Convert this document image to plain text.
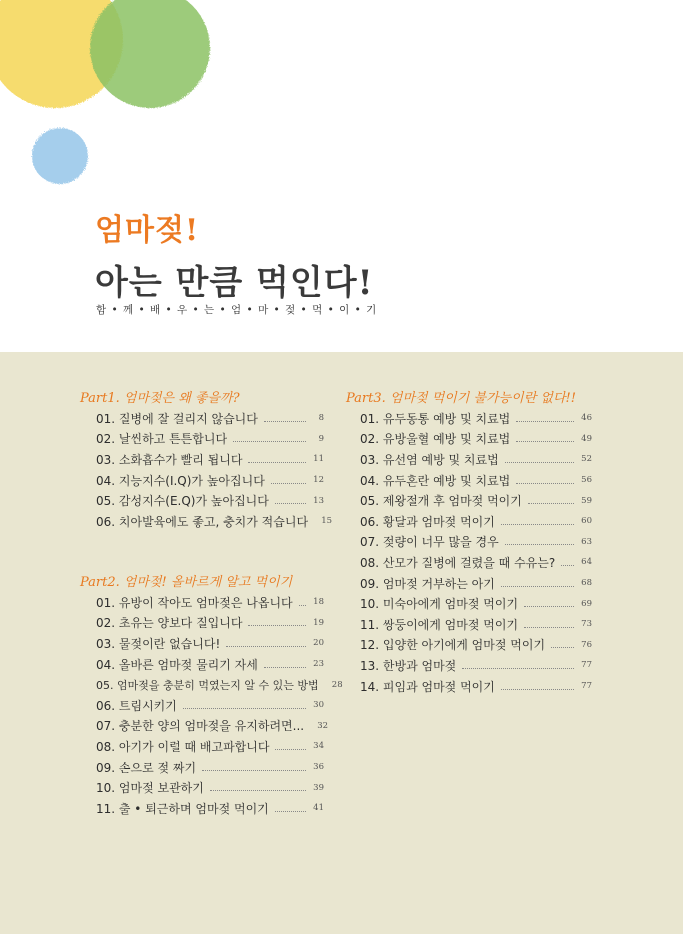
엄마젖!
아는 만큼 먹인다!
함 • 께 • 배 • 우 • 는 • 엄 • 마 • 젖 • 먹 • 이 • 기
Part1. 엄마젖은 왜 좋을까?
01. 질병에 잘 걸리지 않습니다	8
02. 날씬하고 튼튼합니다	9
03. 소화흡수가 빨리 됩니다	11
04. 지능지수(I.Q)가 높아집니다	12
05. 감성지수(E.Q)가 높아집니다	13
06. 치아발육에도 좋고, 충치가 적습니다	15
Part2. 엄마젖! 올바르게 알고 먹이기
01. 유방이 작아도 엄마젖은 나옵니다	18
02. 초유는 양보다 질입니다	19
03. 물젖이란 없습니다!	20
04. 올바른 엄마젖 물리기 자세	23
05. 엄마젖을 충분히 먹였는지 알 수 있는 방법	28
06. 트림시키기	30
07. 충분한 양의 엄마젖을 유지하려면...	32
08. 아기가 이럴 때 배고파합니다	34
09. 손으로 젖 짜기	36
10. 엄마젖 보관하기	39
11. 출 • 퇴근하며 엄마젖 먹이기	41
Part3. 엄마젖 먹이기 불가능이란 없다!!
01. 유두동통 예방 및 치료법	46
02. 유방울혈 예방 및 치료법	49
03. 유선염 예방 및 치료법	52
04. 유두혼란 예방 및 치료법	56
05. 제왕절개 후 엄마젖 먹이기	59
06. 황달과 엄마젖 먹이기	60
07. 젖량이 너무 많을 경우	63
08. 산모가 질병에 걸렸을 때 수유는?	64
09. 엄마젖 거부하는 아기	68
10. 미숙아에게 엄마젖 먹이기	69
11. 쌍둥이에게 엄마젖 먹이기	73
12. 입양한 아기에게 엄마젖 먹이기	76
13. 한방과 엄마젖	77
14. 피임과 엄마젖 먹이기	77
